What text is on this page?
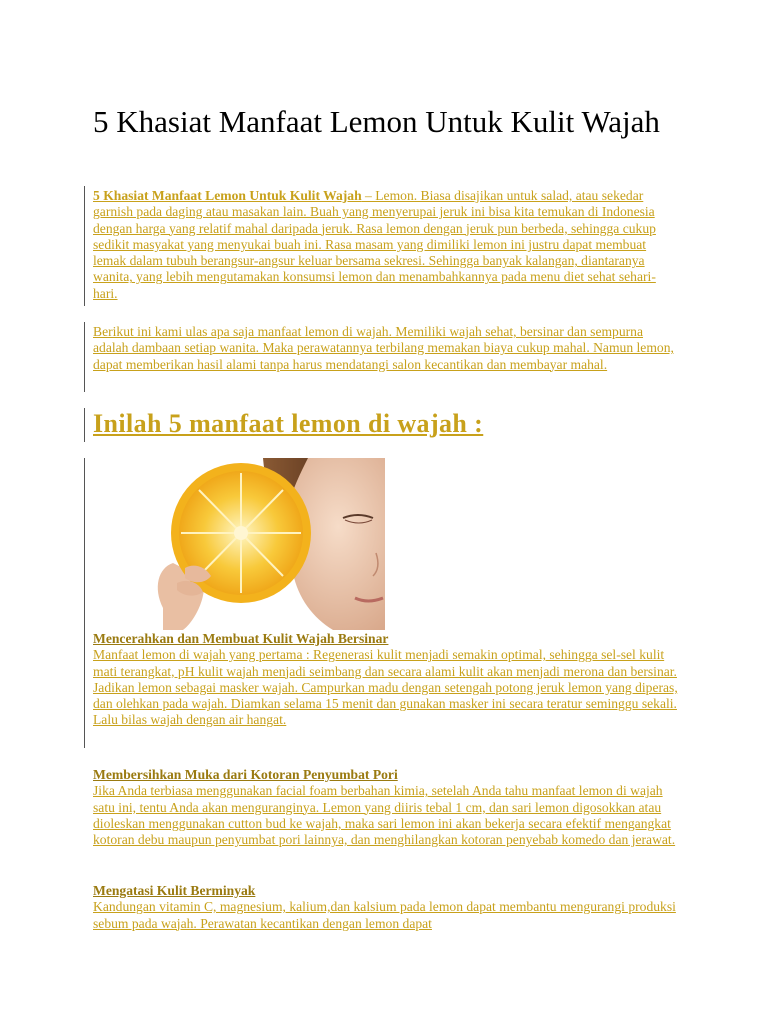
5 Khasiat Manfaat Lemon Untuk Kulit Wajah

5 Khasiat Manfaat Lemon Untuk Kulit Wajah – Lemon. Biasa disajikan untuk salad, atau sekedar garnish pada daging atau masakan lain. Buah yang menyerupai jeruk ini bisa kita temukan di Indonesia dengan harga yang relatif mahal daripada jeruk. Rasa lemon dengan jeruk pun berbeda, sehingga cukup sedikit masyakat yang menyukai buah ini. Rasa masam yang dimiliki lemon ini justru dapat membuat lemak dalam tubuh berangsur-angsur keluar bersama sekresi. Sehingga banyak kalangan, diantaranya wanita, yang lebih mengutamakan konsumsi lemon dan menambahkannya pada menu diet sehat sehari-hari.

Berikut ini kami ulas apa saja manfaat lemon di wajah. Memiliki wajah sehat, bersinar dan sempurna adalah dambaan setiap wanita. Maka perawatannya terbilang memakan biaya cukup mahal. Namun lemon, dapat memberikan hasil alami tanpa harus mendatangi salon kecantikan dan membayar mahal.

Inilah 5 manfaat lemon di wajah :
Mencerahkan dan Membuat Kulit Wajah Bersinar
Manfaat lemon di wajah yang pertama : Regenerasi kulit menjadi semakin optimal, sehingga sel-sel kulit mati terangkat, pH kulit wajah menjadi seimbang dan secara alami kulit akan menjadi merona dan bersinar. Jadikan lemon sebagai masker wajah. Campurkan madu dengan setengah potong jeruk lemon yang diperas, dan olehkan pada wajah. Diamkan selama 15 menit dan gunakan masker ini secara teratur seminggu sekali. Lalu bilas wajah dengan air hangat.
Membersihkan Muka dari Kotoran Penyumbat Pori
Jika Anda terbiasa menggunakan facial foam berbahan kimia, setelah Anda tahu manfaat lemon di wajah satu ini, tentu Anda akan menguranginya. Lemon yang diiris tebal 1 cm, dan sari lemon digosokkan atau dioleskan menggunakan cutton bud ke wajah, maka sari lemon ini akan bekerja secara efektif mengangkat kotoran debu maupun penyumbat pori lainnya, dan menghilangkan kotoran penyebab komedo dan jerawat.
Mengatasi Kulit Berminyak
Kandungan vitamin C, magnesium, kalium,dan kalsium pada lemon dapat membantu mengurangi produksi sebum pada wajah. Perawatan kecantikan dengan lemon dapat
